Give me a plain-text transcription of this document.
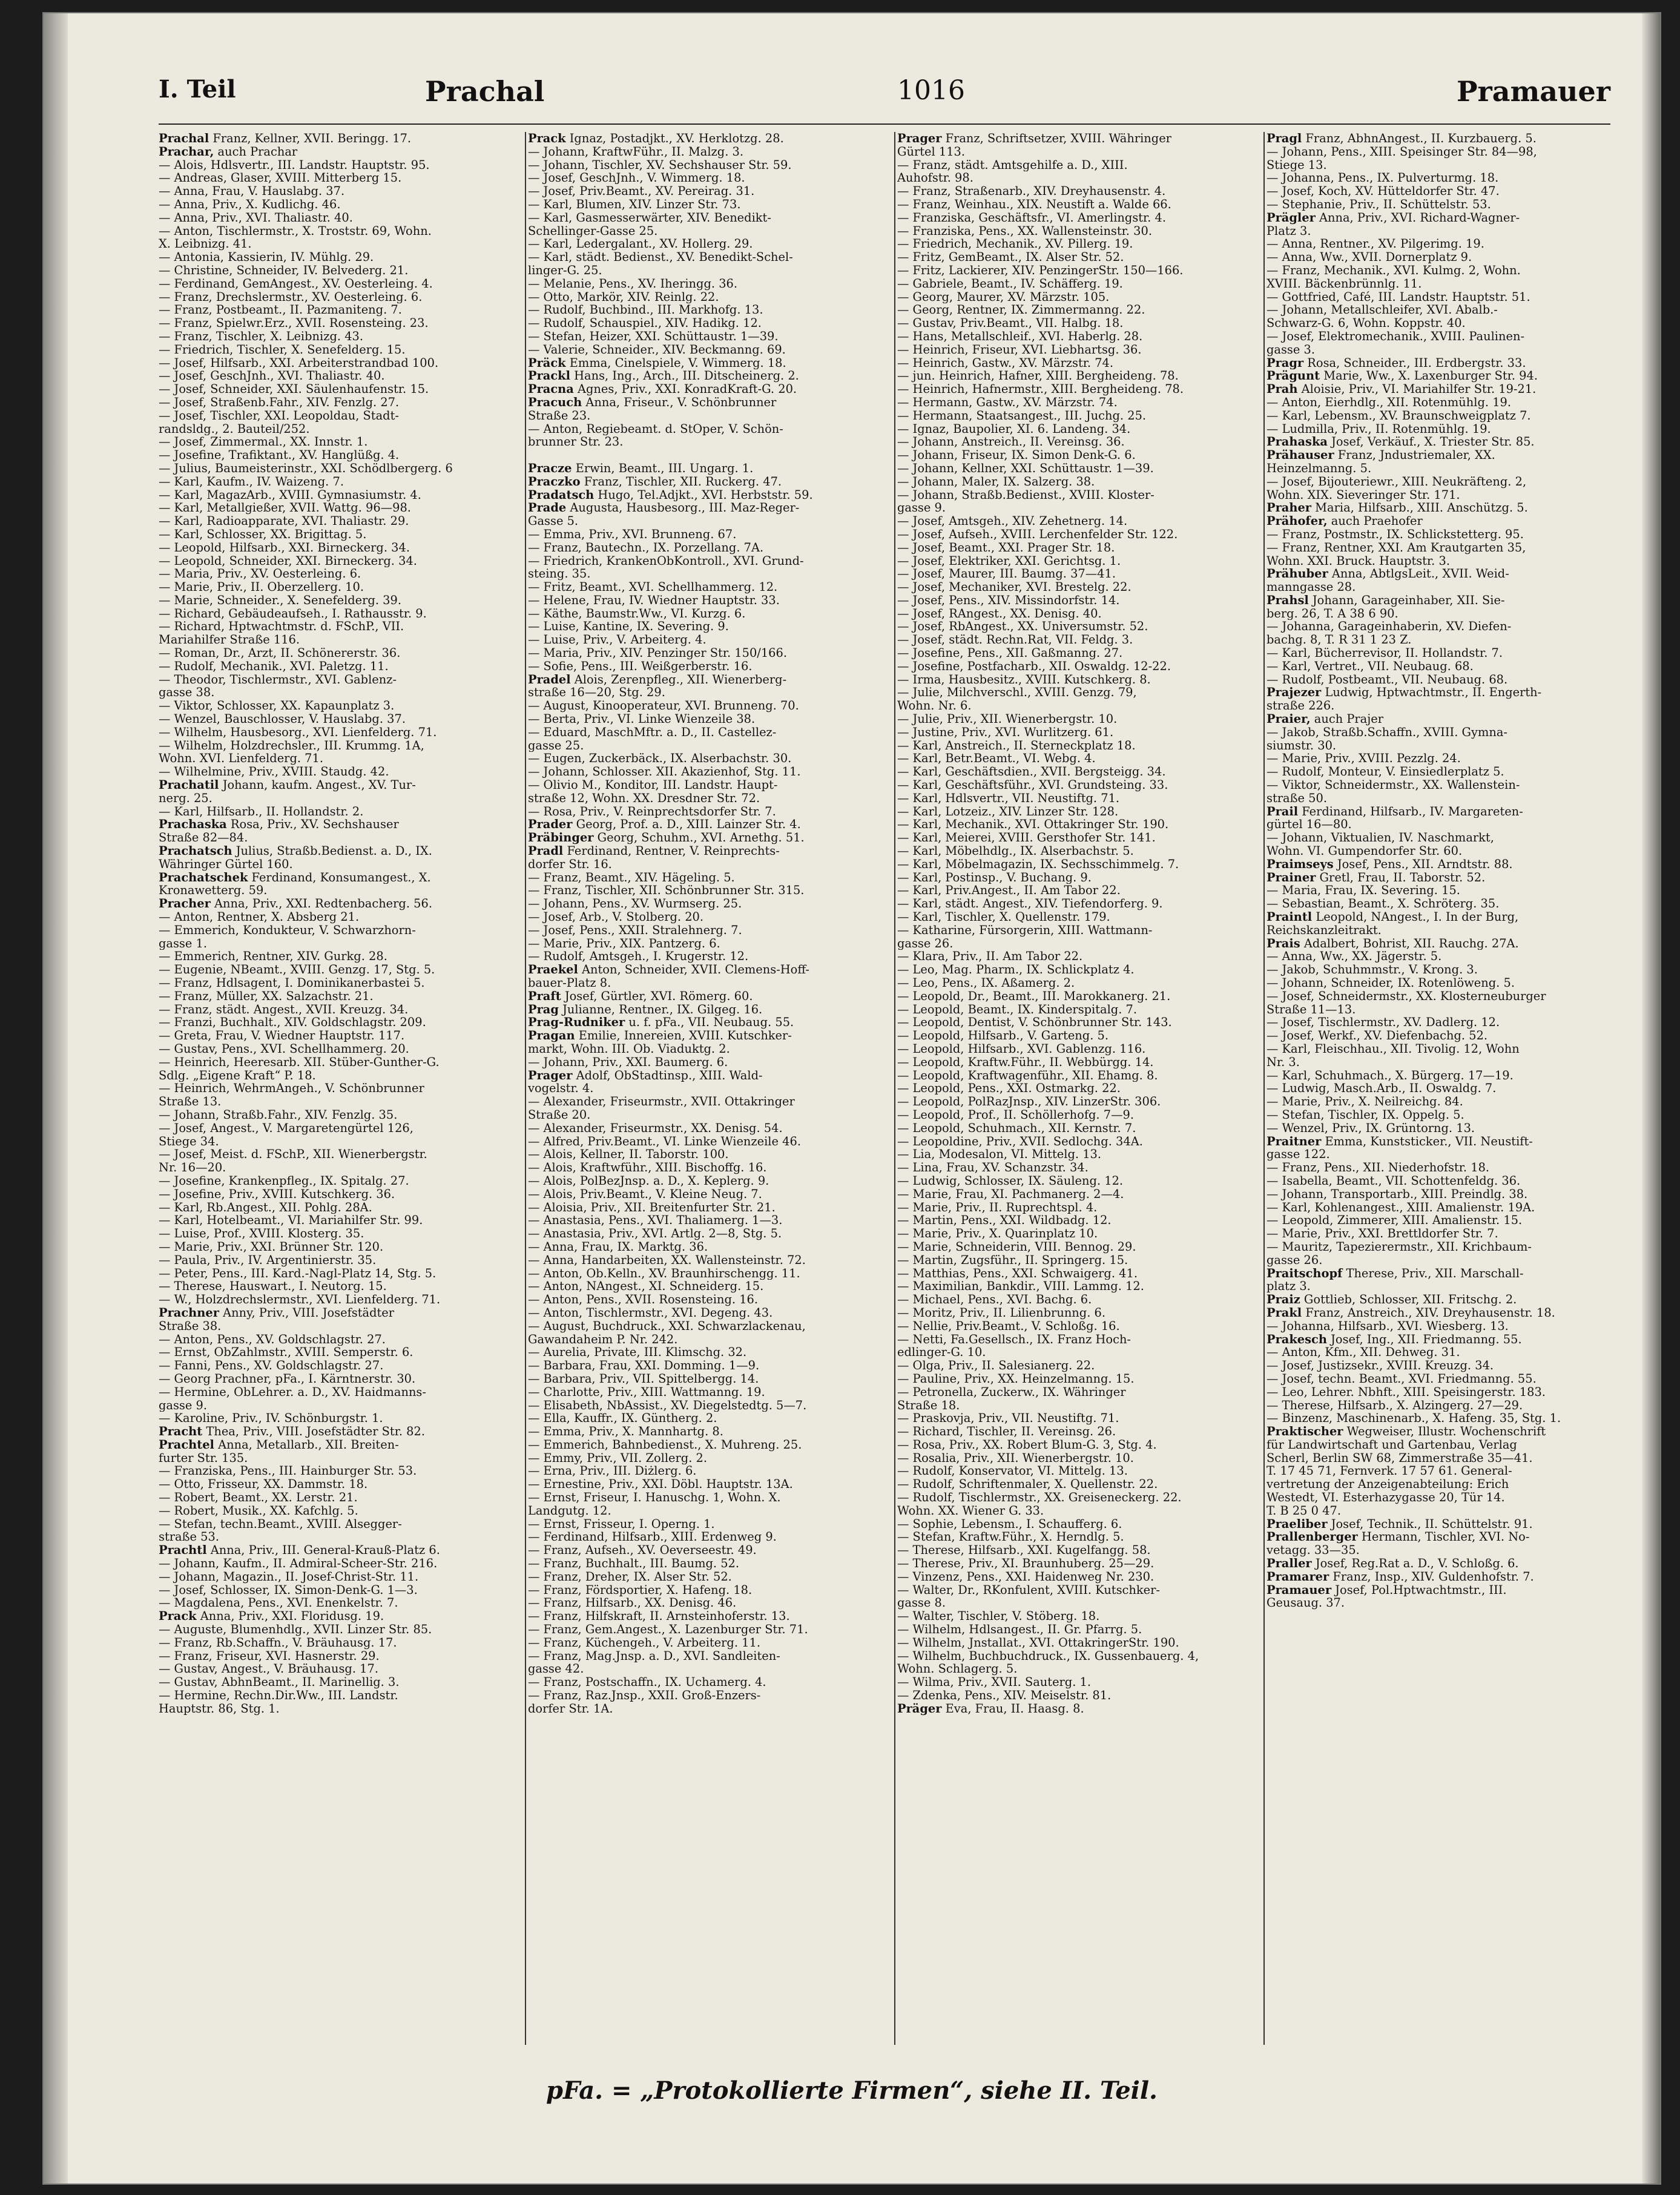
I. Teil	Prachal	1016	Pramauer
Prachal Franz, Kellner, XVII. Beringg. 17.
Prachar, auch Prachar
— Alois, Hdlsvertr., III. Landstr. Hauptstr. 95.
— Andreas, Glaser, XVIII. Mitterberg 15.
— Anna, Frau, V. Hauslabg. 37.
— Anna, Priv., X. Kudlichg. 46.
— Anna, Priv., XVI. Thaliastr. 40.
— Anton, Tischlermstr., X. Troststr. 69, Wohn.
X. Leibnizg. 41.
— Antonia, Kassierin, IV. Mühlg. 29.
— Christine, Schneider, IV. Belvederg. 21.
— Ferdinand, GemAngest., XV. Oesterleing. 4.
— Franz, Drechslermstr., XV. Oesterleing. 6.
— Franz, Postbeamt., II. Pazmaniteng. 7.
— Franz, Spielwr.Erz., XVII. Rosensteing. 23.
— Franz, Tischler, X. Leibnizg. 43.
— Friedrich, Tischler, X. Senefelderg. 15.
— Josef, Hilfsarb., XXI. Arbeiterstrandbad 100.
— Josef, GeschJnh., XVI. Thaliastr. 40.
— Josef, Schneider, XXI. Säulenhaufenstr. 15.
— Josef, Straßenb.Fahr., XIV. Fenzlg. 27.
— Josef, Tischler, XXI. Leopoldau, Stadt-
randsldg., 2. Bauteil/252.
— Josef, Zimmermal., XX. Innstr. 1.
— Josefine, Trafiktant., XV. Hanglüßg. 4.
— Julius, Baumeisterinstr., XXI. Schödlbergerg. 6
— Karl, Kaufm., IV. Waizeng. 7.
— Karl, MagazArb., XVIII. Gymnasiumstr. 4.
— Karl, Metallgießer, XVII. Wattg. 96—98.
— Karl, Radioapparate, XVI. Thaliastr. 29.
— Karl, Schlosser, XX. Brigittag. 5.
— Leopold, Hilfsarb., XXI. Birneckerg. 34.
— Leopold, Schneider, XXI. Birneckerg. 34.
— Maria, Priv., XV. Oesterleing. 6.
— Marie, Priv., II. Oberzellerg. 10.
— Marie, Schneider., X. Senefelderg. 39.
— Richard, Gebäudeaufseh., I. Rathausstr. 9.
— Richard, Hptwachtmstr. d. FSchP., VII.
Mariahilfer Straße 116.
— Roman, Dr., Arzt, II. Schönererstr. 36.
— Rudolf, Mechanik., XVI. Paletzg. 11.
— Theodor, Tischlermstr., XVI. Gablenz-
gasse 38.
— Viktor, Schlosser, XX. Kapaunplatz 3.
— Wenzel, Bauschlosser, V. Hauslabg. 37.
— Wilhelm, Hausbesorg., XVI. Lienfelderg. 71.
— Wilhelm, Holzdrechsler., III. Krummg. 1A,
Wohn. XVI. Lienfelderg. 71.
— Wilhelmine, Priv., XVIII. Staudg. 42.
Prachatil Johann, kaufm. Angest., XV. Tur-
nerg. 25.
— Karl, Hilfsarb., II. Hollandstr. 2.
Prachaska Rosa, Priv., XV. Sechshauser
Straße 82—84.
Prachatsch Julius, Straßb.Bedienst. a. D., IX.
Währinger Gürtel 160.
Prachatschek Ferdinand, Konsumangest., X.
Kronawetterg. 59.
Pracher Anna, Priv., XXI. Redtenbacherg. 56.
— Anton, Rentner, X. Absberg 21.
— Emmerich, Kondukteur, V. Schwarzhorn-
gasse 1.
— Emmerich, Rentner, XIV. Gurkg. 28.
— Eugenie, NBeamt., XVIII. Genzg. 17, Stg. 5.
— Franz, Hdlsagent, I. Dominikanerbastei 5.
— Franz, Müller, XX. Salzachstr. 21.
— Franz, städt. Angest., XVII. Kreuzg. 34.
— Franzi, Buchhalt., XIV. Goldschlagstr. 209.
— Greta, Frau, V. Wiedner Hauptstr. 117.
— Gustav, Pens., XVI. Schellhammerg. 20.
— Heinrich, Heeresarb. XII. Stüber-Gunther-G.
Sdlg. „Eigene Kraft“ P. 18.
— Heinrich, WehrmAngeh., V. Schönbrunner
Straße 13.
— Johann, Straßb.Fahr., XIV. Fenzlg. 35.
— Josef, Angest., V. Margaretengürtel 126,
Stiege 34.
— Josef, Meist. d. FSchP., XII. Wienerbergstr.
Nr. 16—20.
— Josefine, Krankenpfleg., IX. Spitalg. 27.
— Josefine, Priv., XVIII. Kutschkerg. 36.
— Karl, Rb.Angest., XII. Pohlg. 28A.
— Karl, Hotelbeamt., VI. Mariahilfer Str. 99.
— Luise, Prof., XVIII. Klosterg. 35.
— Marie, Priv., XXI. Brünner Str. 120.
— Paula, Priv., IV. Argentinierstr. 35.
— Peter, Pens., III. Kard.-Nagl-Platz 14, Stg. 5.
— Therese, Hauswart., I. Neutorg. 15.
— W., Holzdrechslermstr., XVI. Lienfelderg. 71.
Prachner Anny, Priv., VIII. Josefstädter
Straße 38.
— Anton, Pens., XV. Goldschlagstr. 27.
— Ernst, ObZahlmstr., XVIII. Semperstr. 6.
— Fanni, Pens., XV. Goldschlagstr. 27.
— Georg Prachner, pFa., I. Kärntnerstr. 30.
— Hermine, ObLehrer. a. D., XV. Haidmanns-
gasse 9.
— Karoline, Priv., IV. Schönburgstr. 1.
Pracht Thea, Priv., VIII. Josefstädter Str. 82.
Prachtel Anna, Metallarb., XII. Breiten-
furter Str. 135.
— Franziska, Pens., III. Hainburger Str. 53.
— Otto, Frisseur, XX. Dammstr. 18.
— Robert, Beamt., XX. Lerstr. 21.
— Robert, Musik., XX. Kafchlg. 5.
— Stefan, techn.Beamt., XVIII. Alsegger-
straße 53.
Prachtl Anna, Priv., III. General-Krauß-Platz 6.
— Johann, Kaufm., II. Admiral-Scheer-Str. 216.
— Johann, Magazin., II. Josef-Christ-Str. 11.
— Josef, Schlosser, IX. Simon-Denk-G. 1—3.
— Magdalena, Pens., XVI. Enenkelstr. 7.
Prack Anna, Priv., XXI. Floridusg. 19.
— Auguste, Blumenhdlg., XVII. Linzer Str. 85.
— Franz, Rb.Schaffn., V. Bräuhausg. 17.
— Franz, Friseur, XVI. Hasnerstr. 29.
— Gustav, Angest., V. Bräuhausg. 17.
— Gustav, AbhnBeamt., II. Marinellig. 3.
— Hermine, Rechn.Dir.Ww., III. Landstr.
Hauptstr. 86, Stg. 1.
Prack Ignaz, Postadjkt., XV. Herklotzg. 28.
— Johann, KraftwFühr., II. Malzg. 3.
— Johann, Tischler, XV. Sechshauser Str. 59.
— Josef, GeschJnh., V. Wimmerg. 18.
— Josef, Priv.Beamt., XV. Pereirag. 31.
— Karl, Blumen, XIV. Linzer Str. 73.
— Karl, Gasmesserwärter, XIV. Benedikt-
Schellinger-Gasse 25.
— Karl, Ledergalant., XV. Hollerg. 29.
— Karl, städt. Bedienst., XV. Benedikt-Schel-
linger-G. 25.
— Melanie, Pens., XV. Iheringg. 36.
— Otto, Markör, XIV. Reinlg. 22.
— Rudolf, Buchbind., III. Markhofg. 13.
— Rudolf, Schauspiel., XIV. Hadikg. 12.
— Stefan, Heizer, XXI. Schüttaustr. 1—39.
— Valerie, Schneider., XIV. Beckmanng. 69.
Präck Emma, Cinelspiele, V. Wimmerg. 18.
Prackl Hans, Ing., Arch., III. Ditscheinerg. 2.
Pracna Agnes, Priv., XXI. KonradKraft-G. 20.
Pracuch Anna, Friseur., V. Schönbrunner
Straße 23.
— Anton, Regiebeamt. d. StOper, V. Schön-
brunner Str. 23.

Pracze Erwin, Beamt., III. Ungarg. 1.
Praczko Franz, Tischler, XII. Ruckerg. 47.
Pradatsch Hugo, Tel.Adjkt., XVI. Herbststr. 59.
Prade Augusta, Hausbesorg., III. Maz-Reger-
Gasse 5.
— Emma, Priv., XVI. Brunneng. 67.
— Franz, Bautechn., IX. Porzellang. 7A.
— Friedrich, KrankenObKontroll., XVI. Grund-
steing. 35.
— Fritz, Beamt., XVI. Schellhammerg. 12.
— Helene, Frau, IV. Wiedner Hauptstr. 33.
— Käthe, Baumstr.Ww., VI. Kurzg. 6.
— Luise, Kantine, IX. Severing. 9.
— Luise, Priv., V. Arbeiterg. 4.
— Maria, Priv., XIV. Penzinger Str. 150/166.
— Sofie, Pens., III. Weißgerberstr. 16.
Pradel Alois, Zerenpfleg., XII. Wienerberg-
straße 16—20, Stg. 29.
— August, Kinooperateur, XVI. Brunneng. 70.
— Berta, Priv., VI. Linke Wienzeile 38.
— Eduard, MaschMftr. a. D., II. Castellez-
gasse 25.
— Eugen, Zuckerbäck., IX. Alserbachstr. 30.
— Johann, Schlosser. XII. Akazienhof, Stg. 11.
— Olivio M., Konditor, III. Landstr. Haupt-
straße 12, Wohn. XX. Dresdner Str. 72.
— Rosa, Priv., V. Reinprechtsdorfer Str. 7.
Prader Georg, Prof. a. D., XIII. Lainzer Str. 4.
Präbinger Georg, Schuhm., XVI. Arnethg. 51.
Pradl Ferdinand, Rentner, V. Reinprechts-
dorfer Str. 16.
— Franz, Beamt., XIV. Hägeling. 5.
— Franz, Tischler, XII. Schönbrunner Str. 315.
— Johann, Pens., XV. Wurmserg. 25.
— Josef, Arb., V. Stolberg. 20.
— Josef, Pens., XXII. Stralehnerg. 7.
— Marie, Priv., XIX. Pantzerg. 6.
— Rudolf, Amtsgeh., I. Krugerstr. 12.
Praekel Anton, Schneider, XVII. Clemens-Hoff-
bauer-Platz 8.
Praft Josef, Gürtler, XVI. Römerg. 60.
Prag Julianne, Rentner., IX. Gilgeg. 16.
Prag-Rudniker u. f. pFa., VII. Neubaug. 55.
Pragan Emilie, Innereien, XVIII. Kutschker-
markt, Wohn. III. Ob. Viaduktg. 2.
— Johann, Priv., XXI. Baumerg. 6.
Prager Adolf, ObStadtinsp., XIII. Wald-
vogelstr. 4.
— Alexander, Friseurmstr., XVII. Ottakringer
Straße 20.
— Alexander, Friseurmstr., XX. Denisg. 54.
— Alfred, Priv.Beamt., VI. Linke Wienzeile 46.
— Alois, Kellner, II. Taborstr. 100.
— Alois, Kraftwführ., XIII. Bischoffg. 16.
— Alois, PolBezJnsp. a. D., X. Keplerg. 9.
— Alois, Priv.Beamt., V. Kleine Neug. 7.
— Aloisia, Priv., XII. Breitenfurter Str. 21.
— Anastasia, Pens., XVI. Thaliamerg. 1—3.
— Anastasia, Priv., XVI. Artlg. 2—8, Stg. 5.
— Anna, Frau, IX. Marktg. 36.
— Anna, Handarbeiten, XX. Wallensteinstr. 72.
— Anton, Ob.Kelln., XV. Braunhirschengg. 11.
— Anton, NAngest., XI. Schneiderg. 15.
— Anton, Pens., XVII. Rosensteing. 16.
— Anton, Tischlermstr., XVI. Degeng. 43.
— August, Buchdruck., XXI. Schwarzlackenau,
Gawandaheim P. Nr. 242.
— Aurelia, Private, III. Klimschg. 32.
— Barbara, Frau, XXI. Domming. 1—9.
— Barbara, Priv., VII. Spittelbergg. 14.
— Charlotte, Priv., XIII. Wattmanng. 19.
— Elisabeth, NbAssist., XV. Diegelstedtg. 5—7.
— Ella, Kauffr., IX. Güntherg. 2.
— Emma, Priv., X. Mannhartg. 8.
— Emmerich, Bahnbedienst., X. Muhreng. 25.
— Emmy, Priv., VII. Zollerg. 2.
— Erna, Priv., III. Diżlerg. 6.
— Ernestine, Priv., XXI. Döbl. Hauptstr. 13A.
— Ernst, Friseur, I. Hanuschg. 1, Wohn. X.
Landgutg. 12.
— Ernst, Frisseur, I. Operng. 1.
— Ferdinand, Hilfsarb., XIII. Erdenweg 9.
— Franz, Aufseh., XV. Oeverseestr. 49.
— Franz, Buchhalt., III. Baumg. 52.
— Franz, Dreher, IX. Alser Str. 52.
— Franz, Fördsportier, X. Hafeng. 18.
— Franz, Hilfsarb., XX. Denisg. 46.
— Franz, Hilfskraft, II. Arnsteinhoferstr. 13.
— Franz, Gem.Angest., X. Lazenburger Str. 71.
— Franz, Küchengeh., V. Arbeiterg. 11.
— Franz, Mag.Jnsp. a. D., XVI. Sandleiten-
gasse 42.
— Franz, Postschaffn., IX. Uchamerg. 4.
— Franz, Raz.Jnsp., XXII. Groß-Enzers-
dorfer Str. 1A.
Prager Franz, Schriftsetzer, XVIII. Währinger
Gürtel 113.
— Franz, städt. Amtsgehilfe a. D., XIII.
Auhofstr. 98.
— Franz, Straßenarb., XIV. Dreyhausenstr. 4.
— Franz, Weinhau., XIX. Neustift a. Walde 66.
— Franziska, Geschäftsfr., VI. Amerlingstr. 4.
— Franziska, Pens., XX. Wallensteinstr. 30.
— Friedrich, Mechanik., XV. Pillerg. 19.
— Fritz, GemBeamt., IX. Alser Str. 52.
— Fritz, Lackierer, XIV. PenzingerStr. 150—166.
— Gabriele, Beamt., IV. Schäfferg. 19.
— Georg, Maurer, XV. Märzstr. 105.
— Georg, Rentner, IX. Zimmermanng. 22.
— Gustav, Priv.Beamt., VII. Halbg. 18.
— Hans, Metallschleif., XVI. Haberlg. 28.
— Heinrich, Friseur, XVI. Liebhartsg. 36.
— Heinrich, Gastw., XV. Märzstr. 74.
— jun. Heinrich, Hafner, XIII. Bergheideng. 78.
— Heinrich, Hafnermstr., XIII. Bergheideng. 78.
— Hermann, Gastw., XV. Märzstr. 74.
— Hermann, Staatsangest., III. Juchg. 25.
— Ignaz, Baupolier, XI. 6. Landeng. 34.
— Johann, Anstreich., II. Vereinsg. 36.
— Johann, Friseur, IX. Simon Denk-G. 6.
— Johann, Kellner, XXI. Schüttaustr. 1—39.
— Johann, Maler, IX. Salzerg. 38.
— Johann, Straßb.Bedienst., XVIII. Kloster-
gasse 9.
— Josef, Amtsgeh., XIV. Zehetnerg. 14.
— Josef, Aufseh., XVIII. Lerchenfelder Str. 122.
— Josef, Beamt., XXI. Prager Str. 18.
— Josef, Elektriker, XXI. Gerichtsg. 1.
— Josef, Maurer, III. Baumg. 37—41.
— Josef, Mechaniker, XVI. Brestelg. 22.
— Josef, Pens., XIV. Missindorfstr. 14.
— Josef, RAngest., XX. Denisg. 40.
— Josef, RbAngest., XX. Universumstr. 52.
— Josef, städt. Rechn.Rat, VII. Feldg. 3.
— Josefine, Pens., XII. Gaßmanng. 27.
— Josefine, Postfacharb., XII. Oswaldg. 12-22.
— Irma, Hausbesitz., XVIII. Kutschkerg. 8.
— Julie, Milchverschl., XVIII. Genzg. 79,
Wohn. Nr. 6.
— Julie, Priv., XII. Wienerbergstr. 10.
— Justine, Priv., XVI. Wurlitzerg. 61.
— Karl, Anstreich., II. Sterneckplatz 18.
— Karl, Betr.Beamt., VI. Webg. 4.
— Karl, Geschäftsdien., XVII. Bergsteigg. 34.
— Karl, Geschäftsführ., XVI. Grundsteing. 33.
— Karl, Hdlsvertr., VII. Neustiftg. 71.
— Karl, Lotzeiz., XIV. Linzer Str. 128.
— Karl, Mechanik., XVI. Ottakringer Str. 190.
— Karl, Meierei, XVIII. Gersthofer Str. 141.
— Karl, Möbelhdlg., IX. Alserbachstr. 5.
— Karl, Möbelmagazin, IX. Sechsschimmelg. 7.
— Karl, Postinsp., V. Buchang. 9.
— Karl, Priv.Angest., II. Am Tabor 22.
— Karl, städt. Angest., XIV. Tiefendorferg. 9.
— Karl, Tischler, X. Quellenstr. 179.
— Katharine, Fürsorgerin, XIII. Wattmann-
gasse 26.
— Klara, Priv., II. Am Tabor 22.
— Leo, Mag. Pharm., IX. Schlickplatz 4.
— Leo, Pens., IX. Aßamerg. 2.
— Leopold, Dr., Beamt., III. Marokkanerg. 21.
— Leopold, Beamt., IX. Kinderspitalg. 7.
— Leopold, Dentist, V. Schönbrunner Str. 143.
— Leopold, Hilfsarb., V. Garteng. 5.
— Leopold, Hilfsarb., XVI. Gablenzg. 116.
— Leopold, Kraftw.Führ., II. Webbürgg. 14.
— Leopold, Kraftwagenführ., XII. Ehamg. 8.
— Leopold, Pens., XXI. Ostmarkg. 22.
— Leopold, PolRazJnsp., XIV. LinzerStr. 306.
— Leopold, Prof., II. Schöllerhofg. 7—9.
— Leopold, Schuhmach., XII. Kernstr. 7.
— Leopoldine, Priv., XVII. Sedlochg. 34A.
— Lia, Modesalon, VI. Mittelg. 13.
— Lina, Frau, XV. Schanzstr. 34.
— Ludwig, Schlosser, IX. Säuleng. 12.
— Marie, Frau, XI. Pachmanerg. 2—4.
— Marie, Priv., II. Ruprechtspl. 4.
— Martin, Pens., XXI. Wildbadg. 12.
— Marie, Priv., X. Quarinplatz 10.
— Marie, Schneiderin, VIII. Bennog. 29.
— Martin, Zugsführ., II. Springerg. 15.
— Matthias, Pens., XXI. Schwaigerg. 41.
— Maximilian, Bankdir., VIII. Lammg. 12.
— Michael, Pens., XVI. Bachg. 6.
— Moritz, Priv., II. Lilienbrunng. 6.
— Nellie, Priv.Beamt., V. Schloßg. 16.
— Netti, Fa.Gesellsch., IX. Franz Hoch-
edlinger-G. 10.
— Olga, Priv., II. Salesianerg. 22.
— Pauline, Priv., XX. Heinzelmanng. 15.
— Petronella, Zuckerw., IX. Währinger
Straße 18.
— Praskovja, Priv., VII. Neustiftg. 71.
— Richard, Tischler, II. Vereinsg. 26.
— Rosa, Priv., XX. Robert Blum-G. 3, Stg. 4.
— Rosalia, Priv., XII. Wienerbergstr. 10.
— Rudolf, Konservator, VI. Mittelg. 13.
— Rudolf, Schriftenmaler, X. Quellenstr. 22.
— Rudolf, Tischlermstr., XX. Greiseneckerg. 22.
Wohn. XX. Wiener G. 33.
— Sophie, Lebensm., I. Schaufferg. 6.
— Stefan, Kraftw.Führ., X. Herndlg. 5.
— Therese, Hilfsarb., XXI. Kugelfangg. 58.
— Therese, Priv., XI. Braunhuberg. 25—29.
— Vinzenz, Pens., XXI. Haidenweg Nr. 230.
— Walter, Dr., RKonfulent, XVIII. Kutschker-
gasse 8.
— Walter, Tischler, V. Stöberg. 18.
— Wilhelm, Hdlsangest., II. Gr. Pfarrg. 5.
— Wilhelm, Jnstallat., XVI. OttakringerStr. 190.
— Wilhelm, Buchbuchdruck., IX. Gussenbauerg. 4,
Wohn. Schlagerg. 5.
— Wilma, Priv., XVII. Sauterg. 1.
— Zdenka, Pens., XIV. Meiselstr. 81.
Präger Eva, Frau, II. Haasg. 8.
Pragl Franz, AbhnAngest., II. Kurzbauerg. 5.
— Johann, Pens., XIII. Speisinger Str. 84—98,
Stiege 13.
— Johanna, Pens., IX. Pulverturmg. 18.
— Josef, Koch, XV. Hütteldorfer Str. 47.
— Stephanie, Priv., II. Schüttelstr. 53.
Prägler Anna, Priv., XVI. Richard-Wagner-
Platz 3.
— Anna, Rentner., XV. Pilgerimg. 19.
— Anna, Ww., XVII. Dornerplatz 9.
— Franz, Mechanik., XVI. Kulmg. 2, Wohn.
XVIII. Bäckenbrünnlg. 11.
— Gottfried, Café, III. Landstr. Hauptstr. 51.
— Johann, Metallschleifer, XVI. Abalb.-
Schwarz-G. 6, Wohn. Koppstr. 40.
— Josef, Elektromechanik., XVIII. Paulinen-
gasse 3.
Pragr Rosa, Schneider., III. Erdbergstr. 33.
Prägunt Marie, Ww., X. Laxenburger Str. 94.
Prah Aloisie, Priv., VI. Mariahilfer Str. 19-21.
— Anton, Eierhdlg., XII. Rotenmühlg. 19.
— Karl, Lebensm., XV. Braunschweigplatz 7.
— Ludmilla, Priv., II. Rotenmühlg. 19.
Prahaska Josef, Verkäuf., X. Triester Str. 85.
Prähauser Franz, Jndustriemaler, XX.
Heinzelmanng. 5.
— Josef, Bijouteriewr., XIII. Neukräfteng. 2,
Wohn. XIX. Sieveringer Str. 171.
Praher Maria, Hilfsarb., XIII. Anschützg. 5.
Prähofer, auch Praehofer
— Franz, Postmstr., IX. Schlickstetterg. 95.
— Franz, Rentner, XXI. Am Krautgarten 35,
Wohn. XXI. Bruck. Hauptstr. 3.
Prähuber Anna, AbtlgsLeit., XVII. Weid-
manngasse 28.
Prahsl Johann, Garageinhaber, XII. Sie-
berg. 26, T. A 38 6 90.
— Johanna, Garageinhaberin, XV. Diefen-
bachg. 8, T. R 31 1 23 Z.
— Karl, Bücherrevisor, II. Hollandstr. 7.
— Karl, Vertret., VII. Neubaug. 68.
— Rudolf, Postbeamt., VII. Neubaug. 68.
Prajezer Ludwig, Hptwachtmstr., II. Engerth-
straße 226.
Praier, auch Prajer
— Jakob, Straßb.Schaffn., XVIII. Gymna-
siumstr. 30.
— Marie, Priv., XVIII. Pezzlg. 24.
— Rudolf, Monteur, V. Einsiedlerplatz 5.
— Viktor, Schneidermstr., XX. Wallenstein-
straße 50.
Prail Ferdinand, Hilfsarb., IV. Margareten-
gürtel 16—80.
— Johann, Viktualien, IV. Naschmarkt,
Wohn. VI. Gumpendorfer Str. 60.
Praimseys Josef, Pens., XII. Arndtstr. 88.
Prainer Gretl, Frau, II. Taborstr. 52.
— Maria, Frau, IX. Severing. 15.
— Sebastian, Beamt., X. Schröterg. 35.
Praintl Leopold, NAngest., I. In der Burg,
Reichskanzleitrakt.
Prais Adalbert, Bohrist, XII. Rauchg. 27A.
— Anna, Ww., XX. Jägerstr. 5.
— Jakob, Schuhmmstr., V. Krong. 3.
— Johann, Schneider, IX. Rotenlöweng. 5.
— Josef, Schneidermstr., XX. Klosterneuburger
Straße 11—13.
— Josef, Tischlermstr., XV. Dadlerg. 12.
— Josef, Werkf., XV. Diefenbachg. 52.
— Karl, Fleischhau., XII. Tivolig. 12, Wohn
Nr. 3.
— Karl, Schuhmach., X. Bürgerg. 17—19.
— Ludwig, Masch.Arb., II. Oswaldg. 7.
— Marie, Priv., X. Neilreichg. 84.
— Stefan, Tischler, IX. Oppelg. 5.
— Wenzel, Priv., IX. Grüntorng. 13.
Praitner Emma, Kunststicker., VII. Neustift-
gasse 122.
— Franz, Pens., XII. Niederhofstr. 18.
— Isabella, Beamt., VII. Schottenfeldg. 36.
— Johann, Transportarb., XIII. Preindlg. 38.
— Karl, Kohlenangest., XIII. Amalienstr. 19A.
— Leopold, Zimmerer, XIII. Amalienstr. 15.
— Marie, Priv., XXI. Brettldorfer Str. 7.
— Mauritz, Tapezierermstr., XII. Krichbaum-
gasse 26.
Praitschopf Therese, Priv., XII. Marschall-
platz 3.
Praiz Gottlieb, Schlosser, XII. Fritschg. 2.
Prakl Franz, Anstreich., XIV. Dreyhausenstr. 18.
— Johanna, Hilfsarb., XVI. Wiesberg. 13.
Prakesch Josef, Ing., XII. Friedmanng. 55.
— Anton, Kfm., XII. Dehweg. 31.
— Josef, Justizsekr., XVIII. Kreuzg. 34.
— Josef, techn. Beamt., XVI. Friedmanng. 55.
— Leo, Lehrer. Nbhft., XIII. Speisingerstr. 183.
— Therese, Hilfsarb., X. Alzingerg. 27—29.
— Binzenz, Maschinenarb., X. Hafeng. 35, Stg. 1.
Praktischer Wegweiser, Illustr. Wochenschrift
für Landwirtschaft und Gartenbau, Verlag
Scherl, Berlin SW 68, Zimmerstraße 35—41.
T. 17 45 71, Fernverk. 17 57 61. General-
vertretung der Anzeigenabteilung: Erich
Westedt, VI. Esterhazygasse 20, Tür 14.
T. B 25 0 47.
Praeliber Josef, Technik., II. Schüttelstr. 91.
Prallenberger Hermann, Tischler, XVI. No-
vetagg. 33—35.
Praller Josef, Reg.Rat a. D., V. Schloßg. 6.
Pramarer Franz, Insp., XIV. Guldenhofstr. 7.
Pramauer Josef, Pol.Hptwachtmstr., III.
Geusaug. 37.
pFa. = „Protokollierte Firmen“, siehe II. Teil.
